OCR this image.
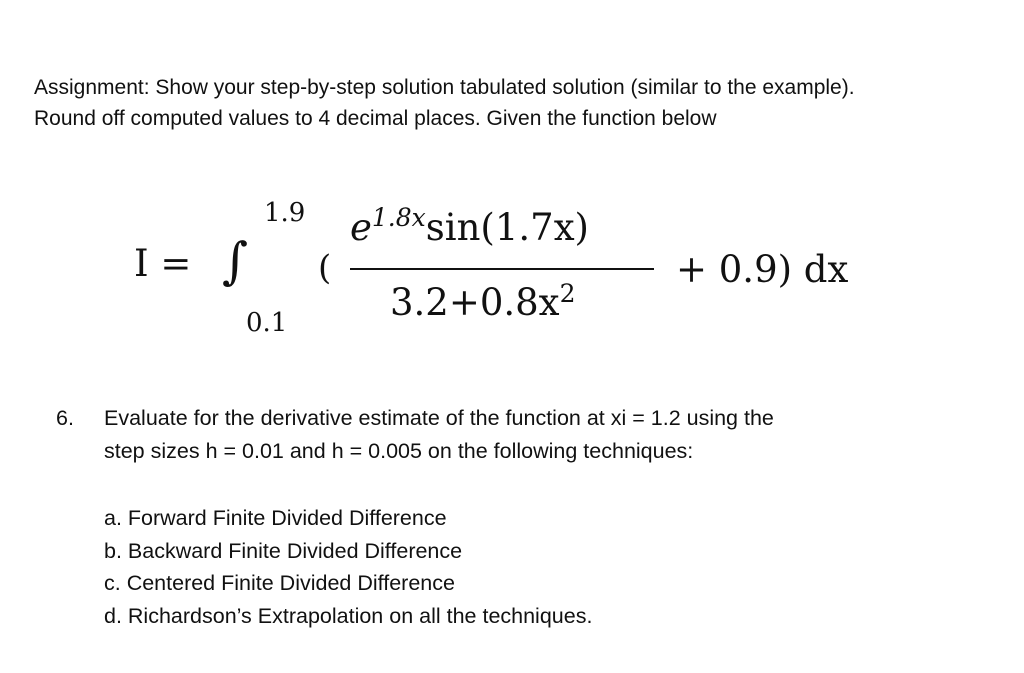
Assignment: Show your step-by-step solution tabulated solution (similar to the example).
Round off computed values to 4 decimal places. Given the function below
I = ∫
1.9
0.1
(
$e^{1.8x}\sin(1.7x)$
$3.2+0.8x^2$
+ 0.9) dx
6. Evaluate for the derivative estimate of the function at xi = 1.2 using the
step sizes h = 0.01 and h = 0.005 on the following techniques:
a. Forward Finite Divided Difference
b. Backward Finite Divided Difference
c. Centered Finite Divided Difference
d. Richardson’s Extrapolation on all the techniques.
